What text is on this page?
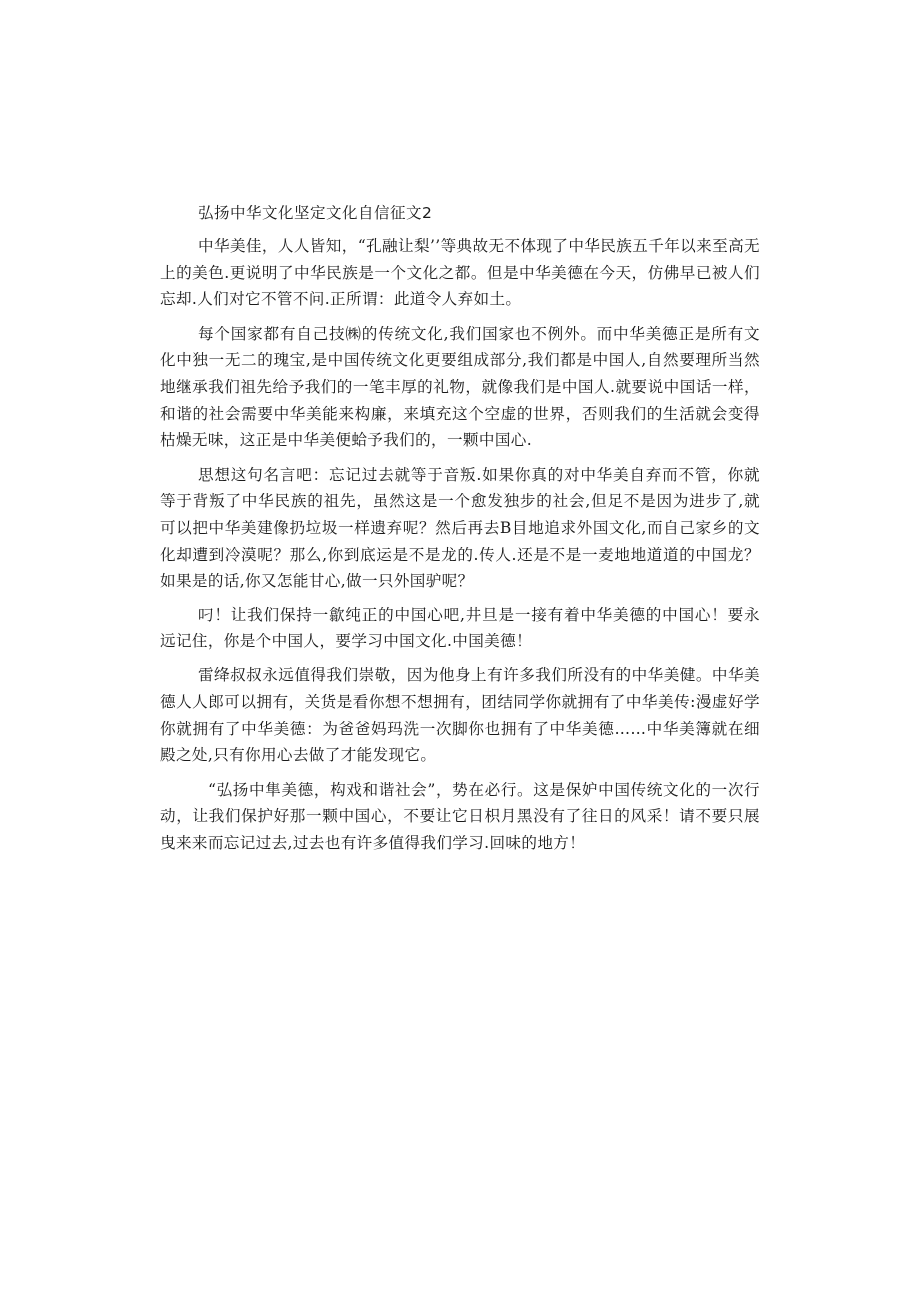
弘扬中华文化坚定文化自信征文2

中华美佳，人人皆知，“孔融让梨’’等典故无不体现了中华民族五千年以来至高无上的美色.更说明了中华民族是一个文化之都。但是中华美德在今天，仿佛早已被人们忘却.人们对它不管不问.正所谓：此道令人弃如土。

每个国家都有自己技㈱的传统文化,我们国家也不例外。而中华美德正是所有文化中独一无二的瑰宝,是中国传统文化更要组成部分,我们都是中国人,自然要理所当然地继承我们祖先给予我们的一笔丰厚的礼物，就像我们是中国人.就要说中国话一样，和谐的社会需要中华美能来构廉，来填充这个空虚的世界，否则我们的生活就会变得枯燥无味，这正是中华美便蛤予我们的，一颗中国心.

思想这句名言吧：忘记过去就等于音叛.如果你真的对中华美自弃而不管，你就等于背叛了中华民族的祖先，虽然这是一个愈发独步的社会,但足不是因为进步了,就可以把中华美建像扔垃圾一样遗弃呢？然后再去B目地追求外国文化,而自己家乡的文化却遭到冷漠呢？那么,你到底运是不是龙的.传人.还是不是一麦地地道道的中国龙？如果是的话,你又怎能甘心,做一只外国驴呢？

叼！让我们保持一歙纯正的中国心吧,井旦是一接有着中华美德的中国心！要永远记住，你是个中国人，要学习中国文化.中国美德！

雷绛叔叔永远值得我们崇敬，因为他身上有许多我们所没有的中华美健。中华美德人人郎可以拥有，关货是看你想不想拥有，团结同学你就拥有了中华美传:漫虚好学你就拥有了中华美德：为爸爸妈玛洗一次脚你也拥有了中华美德……中华美簿就在细殿之处,只有你用心去做了才能发现它。

“弘扬中隼美德，构戏和谐社会”，势在必行。这是保妒中国传统文化的一次行动，让我们保护好那一颗中国心，不要让它日枳月黑没有了往日的风采！请不要只展曳来来而忘记过去,过去也有许多值得我们学习.回味的地方！
